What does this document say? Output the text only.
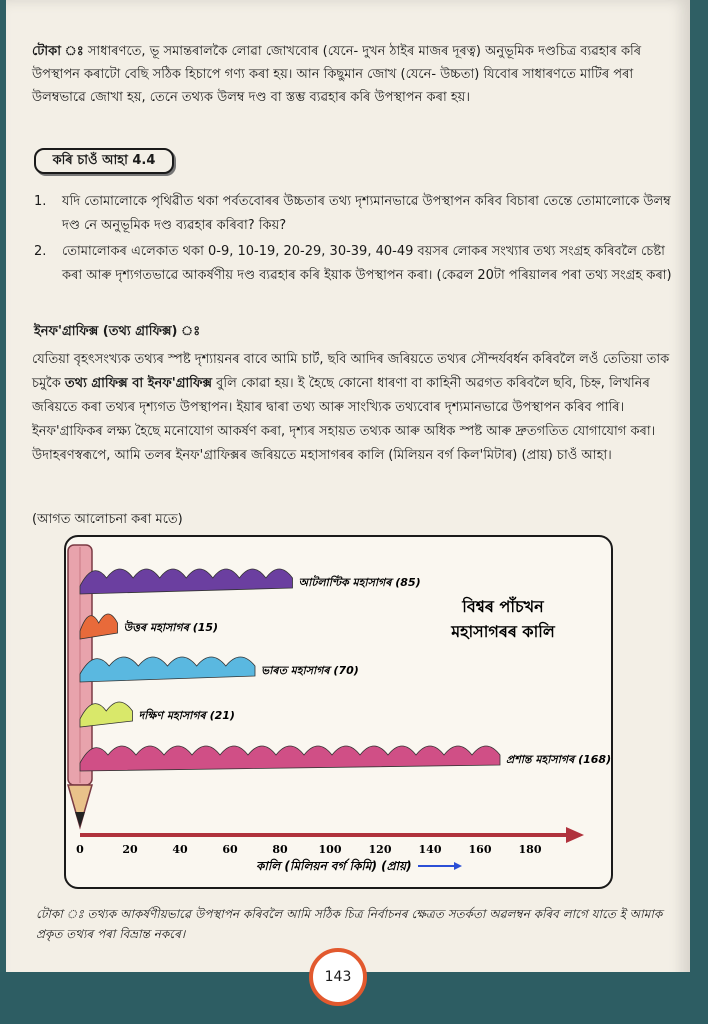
টোকা ঃ সাধাৰণতে, ভূ সমান্তৰালকৈ লোৱা জোখবোৰ (যেনে- দুখন ঠাইৰ মাজৰ দূৰত্ব) অনুভূমিক দণ্ডচিত্ৰ ব্যৱহাৰ কৰি উপস্থাপন কৰাটো বেছি সঠিক হিচাপে গণ্য কৰা হয়। আন কিছুমান জোখ (যেনে- উচ্চতা) যিবোৰ সাধাৰণতে মাটিৰ পৰা উলম্বভাৱে জোখা হয়, তেনে তথ্যক উলম্ব দণ্ড বা স্তম্ভ ব্যৱহাৰ কৰি উপস্থাপন কৰা হয়।
কৰি চাওঁ আহা 4.4
1.	যদি তোমালোকে পৃথিৱীত থকা পৰ্বতবোৰৰ উচ্চতাৰ তথ্য দৃশ্যমানভাৱে উপস্থাপন কৰিব বিচাৰা তেন্তে তোমালোকে উলম্ব দণ্ড নে অনুভূমিক দণ্ড ব্যৱহাৰ কৰিবা? কিয়?
2.	তোমালোকৰ এলেকাত থকা 0-9, 10-19, 20-29, 30-39, 40-49 বয়সৰ লোকৰ সংখ্যাৰ তথ্য সংগ্ৰহ কৰিবলৈ চেষ্টা কৰা আৰু দৃশ্যগতভাৱে আকৰ্ষণীয় দণ্ড ব্যৱহাৰ কৰি ইয়াক উপস্থাপন কৰা। (কেৱল 20টা পৰিয়ালৰ পৰা তথ্য সংগ্ৰহ কৰা)
ইনফ'গ্ৰাফিক্স (তথ্য গ্ৰাফিক্স) ঃ
যেতিয়া বৃহৎসংখ্যক তথ্যৰ স্পষ্ট দৃশ্যায়নৰ বাবে আমি চাৰ্ট, ছবি আদিৰ জৰিয়তে তথ্যৰ সৌন্দৰ্যবৰ্ধন কৰিবলৈ লওঁ তেতিয়া তাক চমুকৈ তথ্য গ্ৰাফিক্স বা ইনফ'গ্ৰাফিক্স বুলি কোৱা হয়। ই হৈছে কোনো ধাৰণা বা কাহিনী অৱগত কৰিবলৈ ছবি, চিহ্ন, লিখনিৰ জৰিয়তে কৰা তথ্যৰ দৃশ্যগত উপস্থাপন। ইয়াৰ দ্বাৰা তথ্য আৰু সাংখ্যিক তথ্যবোৰ দৃশ্যমানভাৱে উপস্থাপন কৰিব পাৰি। ইনফ'গ্ৰাফিকৰ লক্ষ্য হৈছে মনোযোগ আকৰ্ষণ কৰা, দৃশ্যৰ সহায়ত তথ্যক আৰু অধিক স্পষ্ট আৰু দ্ৰুতগতিত যোগাযোগ কৰা। উদাহৰণস্বৰূপে, আমি তলৰ ইনফ'গ্ৰাফিক্সৰ জৰিয়তে মহাসাগৰৰ কালি (মিলিয়ন বৰ্গ কিল'মিটাৰ) (প্ৰায়) চাওঁ আহা।
(আগত আলোচনা কৰা মতে)
আটলাণ্টিক মহাসাগৰ (85)
উত্তৰ মহাসাগৰ (15)
ভাৰত মহাসাগৰ (70)
দক্ষিণ মহাসাগৰ (21)
প্ৰশান্ত মহাসাগৰ (168)
0	20	40	60	80	100 120 140 160 180
কালি (মিলিয়ন বৰ্গ কিমি) (প্ৰায়)
বিশ্বৰ পাঁচখন
মহাসাগৰৰ কালি
টোকা ঃ তথ্যক আকৰ্ষণীয়ভাৱে উপস্থাপন কৰিবলৈ আমি সঠিক চিত্ৰ নিৰ্বাচনৰ ক্ষেত্ৰত সতৰ্কতা অৱলম্বন কৰিব লাগে যাতে ই আমাক প্ৰকৃত তথ্যৰ পৰা বিভ্ৰান্ত নকৰে।
143
